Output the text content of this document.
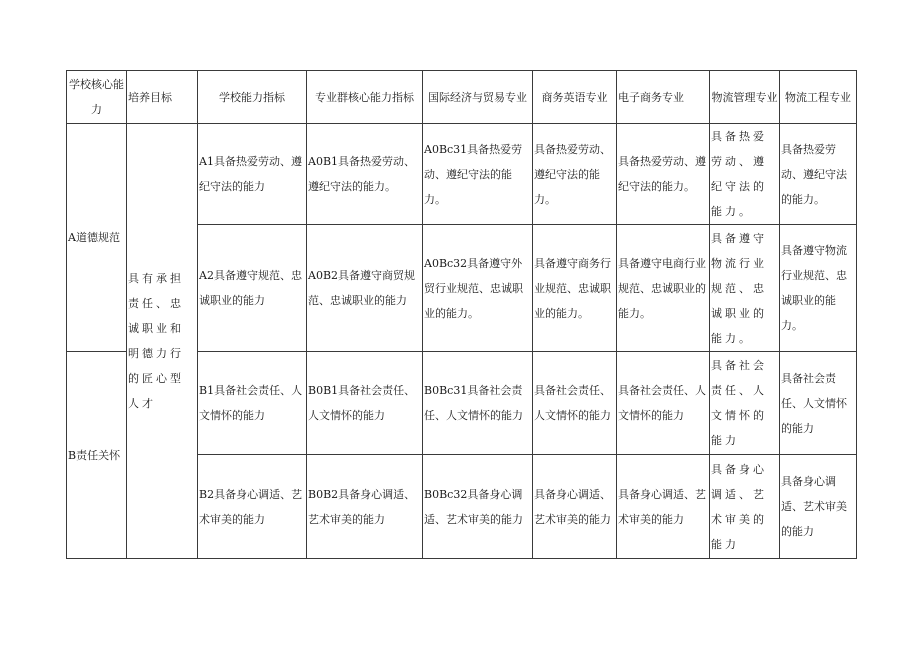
学校核心能力	培养目标	学校能力指标	专业群核心能力指标	国际经济与贸易专业	商务英语专业	电子商务专业	物流管理专业	物流工程专业
A道德规范	具有承担责任、忠诚职业和明德力行的匠心型人才	A1具备热爱劳动、遵纪守法的能力	A0B1具备热爱劳动、遵纪守法的能力。	A0Bc31具备热爱劳动、遵纪守法的能力。	具备热爱劳动、遵纪守法的能力。	具备热爱劳动、遵纪守法的能力。	具备热爱劳动、遵纪守法的能力。	具备热爱劳动、遵纪守法的能力。
		A2具备遵守规范、忠诚职业的能力	A0B2具备遵守商贸规范、忠诚职业的能力	A0Bc32具备遵守外贸行业规范、忠诚职业的能力。	具备遵守商务行业规范、忠诚职业的能力。	具备遵守电商行业规范、忠诚职业的能力。	具备遵守物流行业规范、忠诚职业的能力。	具备遵守物流行业规范、忠诚职业的能力。
B责任关怀		B1具备社会责任、人文情怀的能力	B0B1具备社会责任、人文情怀的能力	B0Bc31具备社会责任、人文情怀的能力	具备社会责任、人文情怀的能力	具备社会责任、人文情怀的能力	具备社会责任、人文情怀的能力	具备社会责任、人文情怀的能力
		B2具备身心调适、艺术审美的能力	B0B2具备身心调适、艺术审美的能力	B0Bc32具备身心调适、艺术审美的能力	具备身心调适、艺术审美的能力	具备身心调适、艺术审美的能力	具备身心调适、艺术审美的能力	具备身心调适、艺术审美的能力
